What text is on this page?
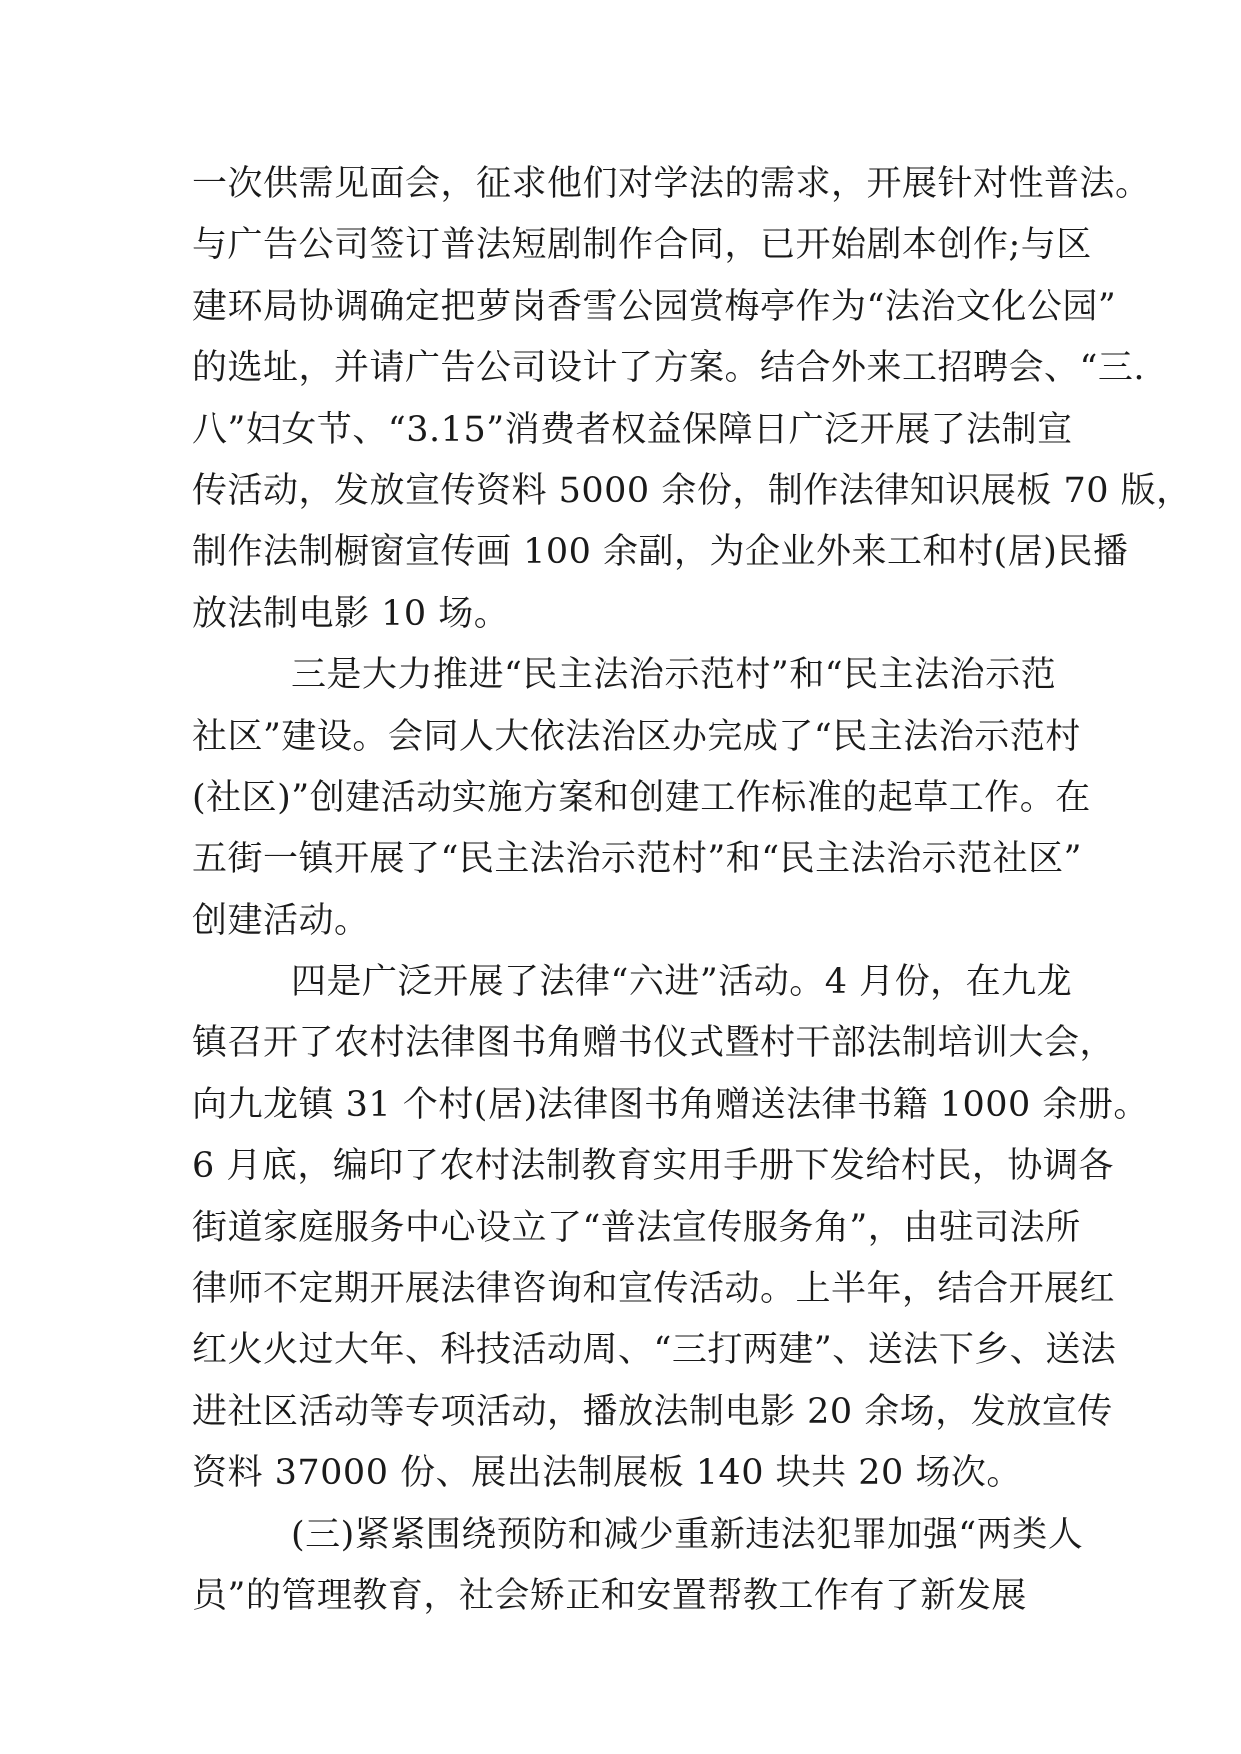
一次供需见面会，征求他们对学法的需求，开展针对性普法。
与广告公司签订普法短剧制作合同，已开始剧本创作;与区
建环局协调确定把萝岗香雪公园赏梅亭作为“法治文化公园”
的选址，并请广告公司设计了方案。结合外来工招聘会、“三.
八”妇女节、“3.15”消费者权益保障日广泛开展了法制宣
传活动，发放宣传资料 5000 余份，制作法律知识展板 70 版，
制作法制橱窗宣传画 100 余副，为企业外来工和村(居)民播
放法制电影 10 场。
三是大力推进“民主法治示范村”和“民主法治示范
社区”建设。会同人大依法治区办完成了“民主法治示范村
(社区)”创建活动实施方案和创建工作标准的起草工作。在
五街一镇开展了“民主法治示范村”和“民主法治示范社区”
创建活动。
四是广泛开展了法律“六进”活动。4 月份，在九龙
镇召开了农村法律图书角赠书仪式暨村干部法制培训大会，
向九龙镇 31 个村(居)法律图书角赠送法律书籍 1000 余册。
6 月底，编印了农村法制教育实用手册下发给村民，协调各
街道家庭服务中心设立了“普法宣传服务角”，由驻司法所
律师不定期开展法律咨询和宣传活动。上半年，结合开展红
红火火过大年、科技活动周、“三打两建”、送法下乡、送法
进社区活动等专项活动，播放法制电影 20 余场，发放宣传
资料 37000 份、展出法制展板 140 块共 20 场次。
(三)紧紧围绕预防和减少重新违法犯罪加强“两类人
员”的管理教育，社会矫正和安置帮教工作有了新发展
